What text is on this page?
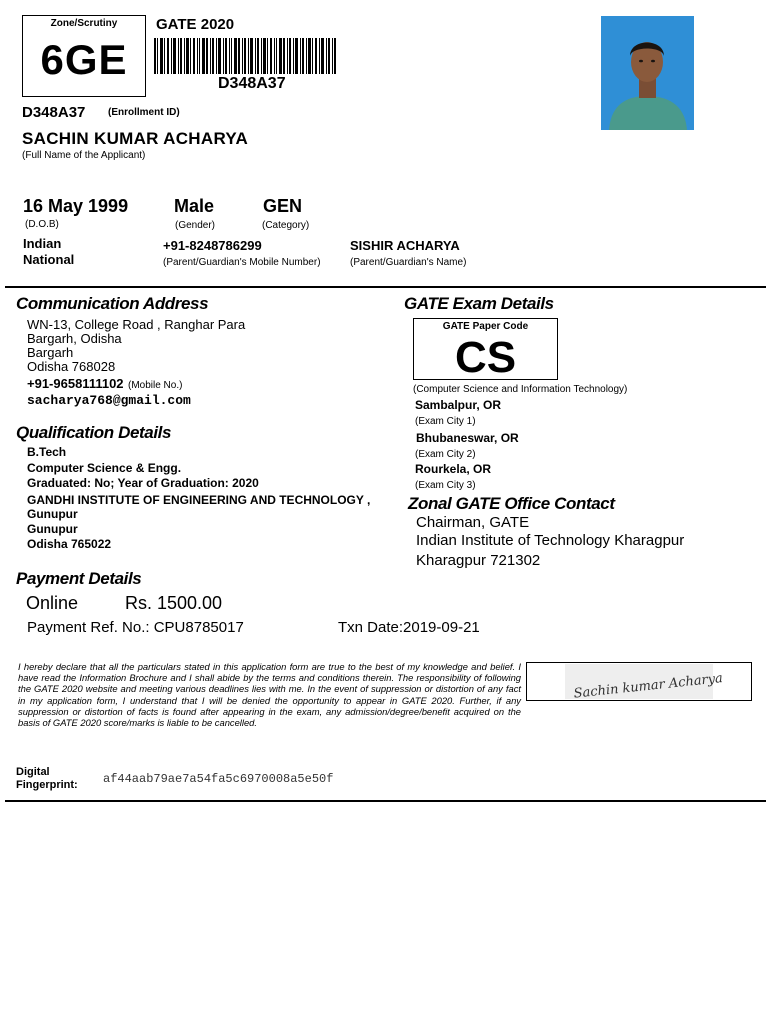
Zone/Scrutiny
6GE
GATE 2020
D348A37
D348A37 (Enrollment ID)
SACHIN KUMAR ACHARYA
(Full Name of the Applicant)
16 May 1999
(D.O.B)
Male
(Gender)
GEN
(Category)
Indian
National
+91-8248786299
(Parent/Guardian's Mobile Number)
SISHIR ACHARYA
(Parent/Guardian's Name)
Communication Address
WN-13, College Road , Ranghar Para
Bargarh, Odisha
Bargarh
Odisha 768028
+91-9658111102 (Mobile No.)
sacharya768@gmail.com
GATE Exam Details
GATE Paper Code
CS
(Computer Science and Information Technology)
Sambalpur, OR
(Exam City 1)
Bhubaneswar, OR
(Exam City 2)
Rourkela, OR
(Exam City 3)
Qualification Details
B.Tech
Computer Science & Engg.
Graduated: No; Year of Graduation: 2020
GANDHI INSTITUTE OF ENGINEERING AND TECHNOLOGY ,
Gunupur
Gunupur
Odisha 765022
Zonal GATE Office Contact
Chairman, GATE
Indian Institute of Technology Kharagpur
Kharagpur 721302
Payment Details
Online	Rs. 1500.00
Payment Ref. No.: CPU8785017	Txn Date:2019-09-21
I hereby declare that all the particulars stated in this application form are true to the best of my knowledge and belief. I have read the Information Brochure and I shall abide by the terms and conditions therein. The responsibility of following the GATE 2020 website and meeting various deadlines lies with me. In the event of suppression or distortion of any fact in my application form, I understand that I will be denied the opportunity to appear in GATE 2020. Further, if any suppression or distortion of facts is found after appearing in the exam, any admission/degree/benefit acquired on the basis of GATE 2020 score/marks is liable to be cancelled.
Sachin kumar Acharya
Digital
Fingerprint: af44aab79ae7a54fa5c6970008a5e50f
